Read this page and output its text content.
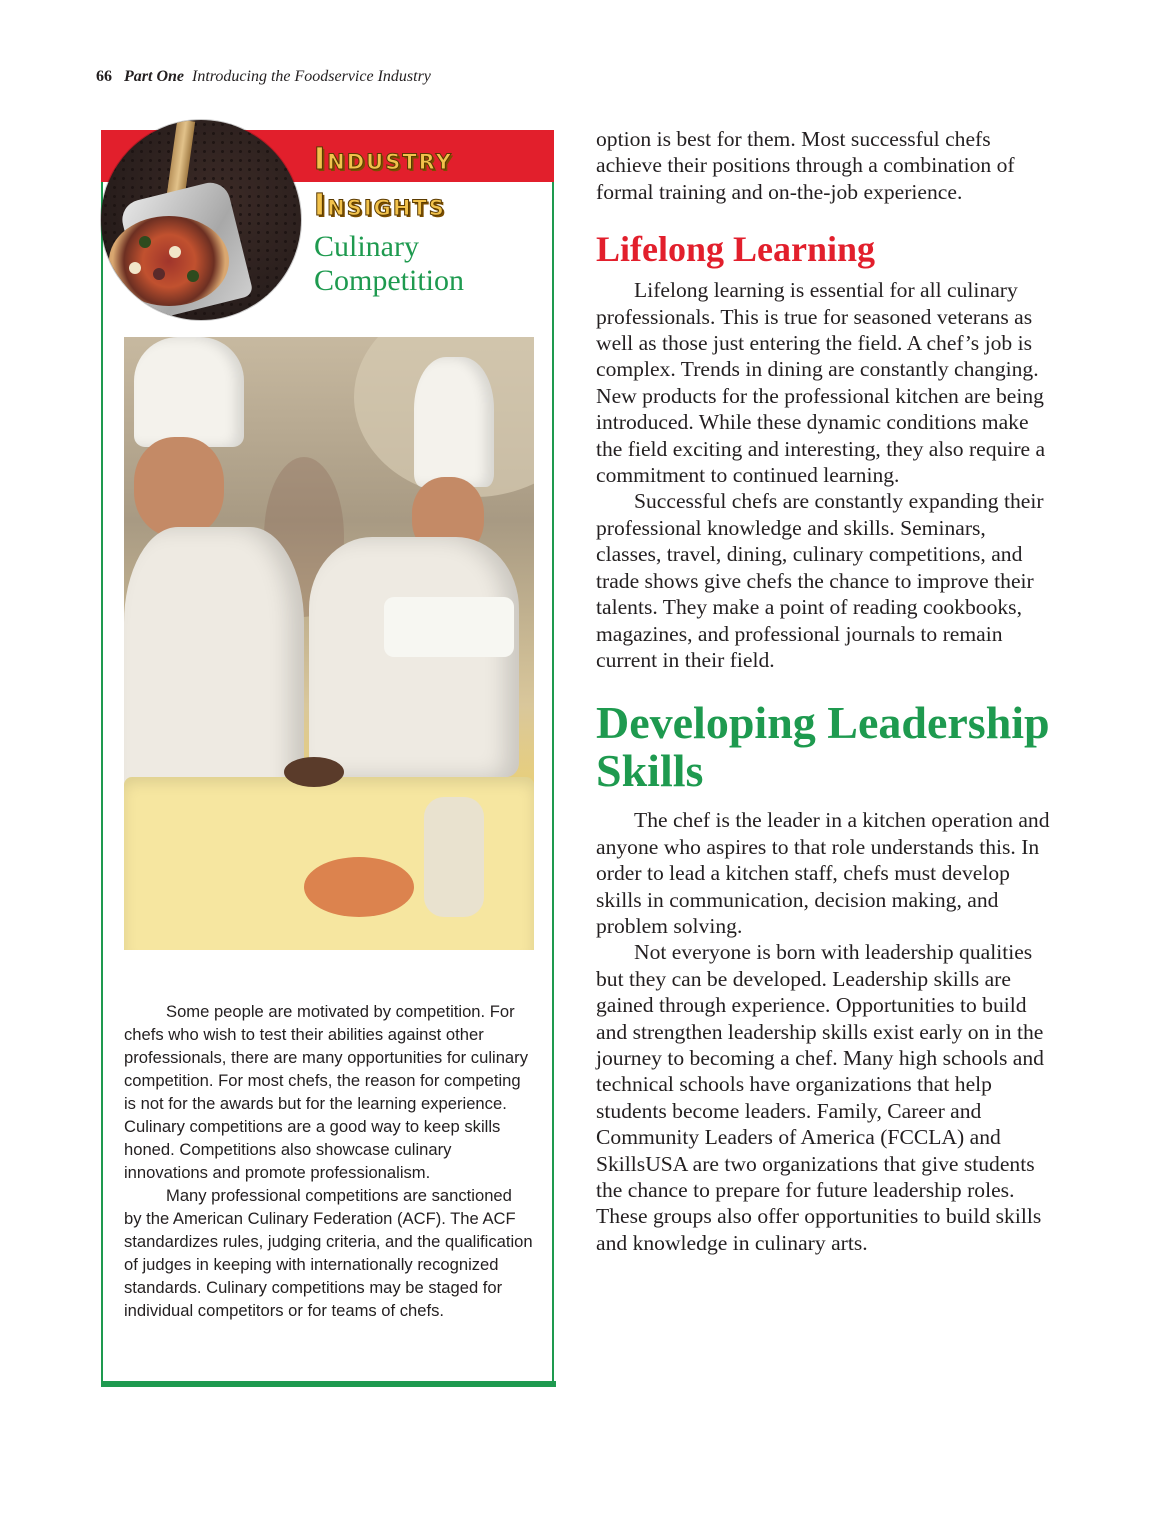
66 Part One Introducing the Foodservice Industry
Industry
Insights
Culinary Competition

Some people are motivated by competition. For chefs who wish to test their abilities against other professionals, there are many opportunities for culinary competition. For most chefs, the reason for competing is not for the awards but for the learning experience. Culinary competitions are a good way to keep skills honed. Competitions also showcase culinary innovations and promote professionalism.

Many professional competitions are sanctioned by the American Culinary Federation (ACF). The ACF standardizes rules, judging criteria, and the qualification of judges in keeping with internationally recognized standards. Culinary competitions may be staged for individual competitors or for teams of chefs.

option is best for them. Most successful chefs achieve their positions through a combination of formal training and on-the-job experience.

Lifelong Learning

Lifelong learning is essential for all culinary professionals. This is true for seasoned veterans as well as those just entering the field. A chef’s job is complex. Trends in dining are constantly changing. New products for the professional kitchen are being introduced. While these dynamic conditions make the field exciting and interesting, they also require a commitment to continued learning.

Successful chefs are constantly expanding their professional knowledge and skills. Seminars, classes, travel, dining, culinary competitions, and trade shows give chefs the chance to improve their talents. They make a point of reading cookbooks, magazines, and professional journals to remain current in their field.

Developing Leadership Skills

The chef is the leader in a kitchen operation and anyone who aspires to that role understands this. In order to lead a kitchen staff, chefs must develop skills in communication, decision making, and problem solving.

Not everyone is born with leadership qualities but they can be developed. Leadership skills are gained through experience. Opportunities to build and strengthen leadership skills exist early on in the journey to becoming a chef. Many high schools and technical schools have organizations that help students become leaders. Family, Career and Community Leaders of America (FCCLA) and SkillsUSA are two organizations that give students the chance to prepare for future leadership roles. These groups also offer opportunities to build skills and knowledge in culinary arts.
